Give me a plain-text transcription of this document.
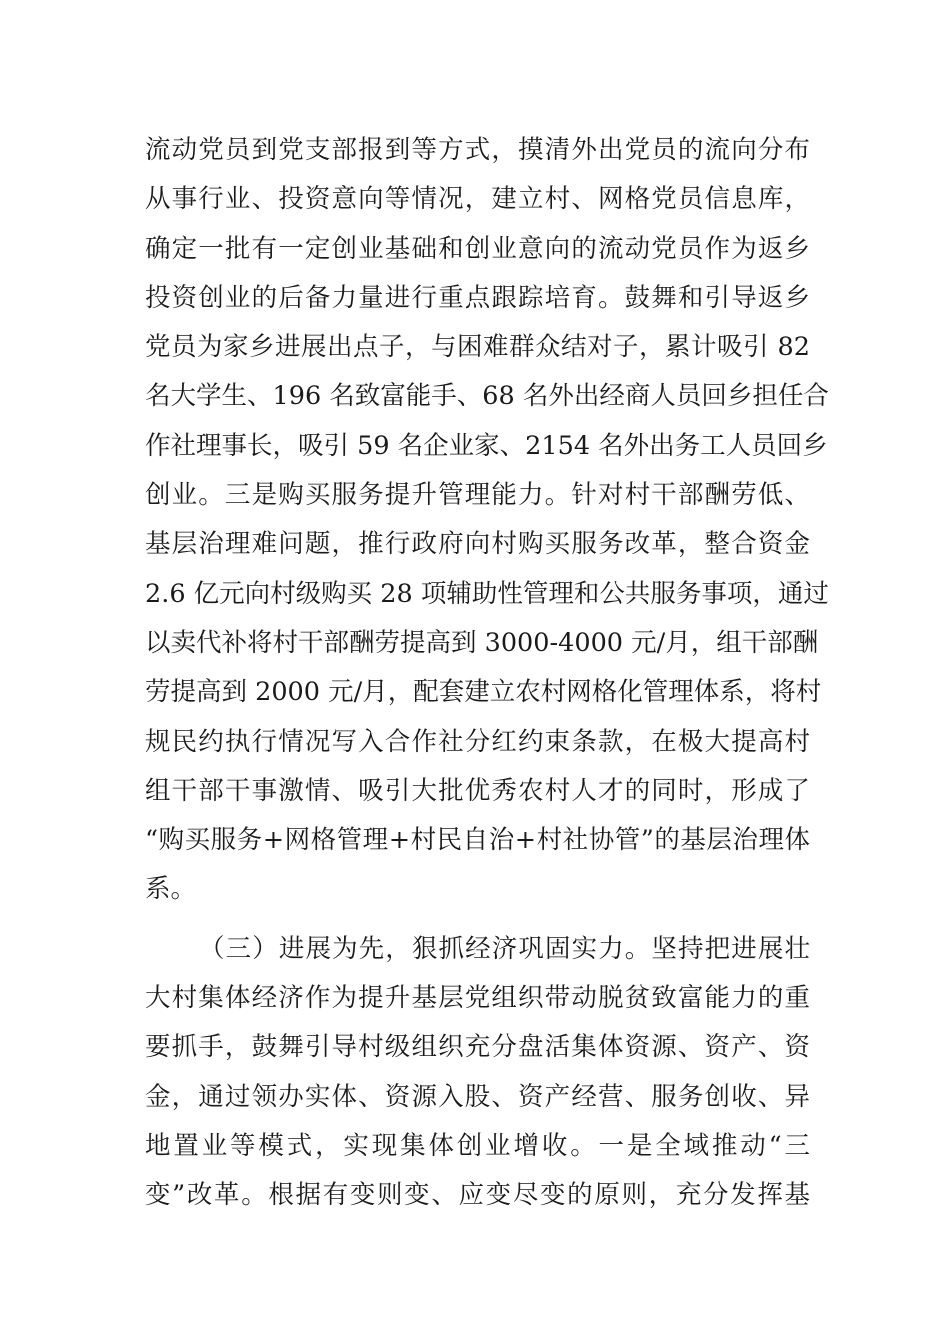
流动党员到党支部报到等方式，摸清外出党员的流向分布
从事行业、投资意向等情况，建立村、网格党员信息库，
确定一批有一定创业基础和创业意向的流动党员作为返乡
投资创业的后备力量进行重点跟踪培育。鼓舞和引导返乡
党员为家乡进展出点子，与困难群众结对子，累计吸引 82
名大学生、196 名致富能手、68 名外出经商人员回乡担任合
作社理事长，吸引 59 名企业家、2154 名外出务工人员回乡
创业。三是购买服务提升管理能力。针对村干部酬劳低、
基层治理难问题，推行政府向村购买服务改革，整合资金
2.6 亿元向村级购买 28 项辅助性管理和公共服务事项，通过
以卖代补将村干部酬劳提高到 3000-4000 元/月，组干部酬
劳提高到 2000 元/月，配套建立农村网格化管理体系，将村
规民约执行情况写入合作社分红约束条款，在极大提高村
组干部干事激情、吸引大批优秀农村人才的同时，形成了
“购买服务+网格管理+村民自治+村社协管”的基层治理体
系。
（三）进展为先，狠抓经济巩固实力。坚持把进展壮
大村集体经济作为提升基层党组织带动脱贫致富能力的重
要抓手，鼓舞引导村级组织充分盘活集体资源、资产、资
金，通过领办实体、资源入股、资产经营、服务创收、异
地置业等模式，实现集体创业增收。一是全域推动“三
变”改革。根据有变则变、应变尽变的原则，充分发挥基
